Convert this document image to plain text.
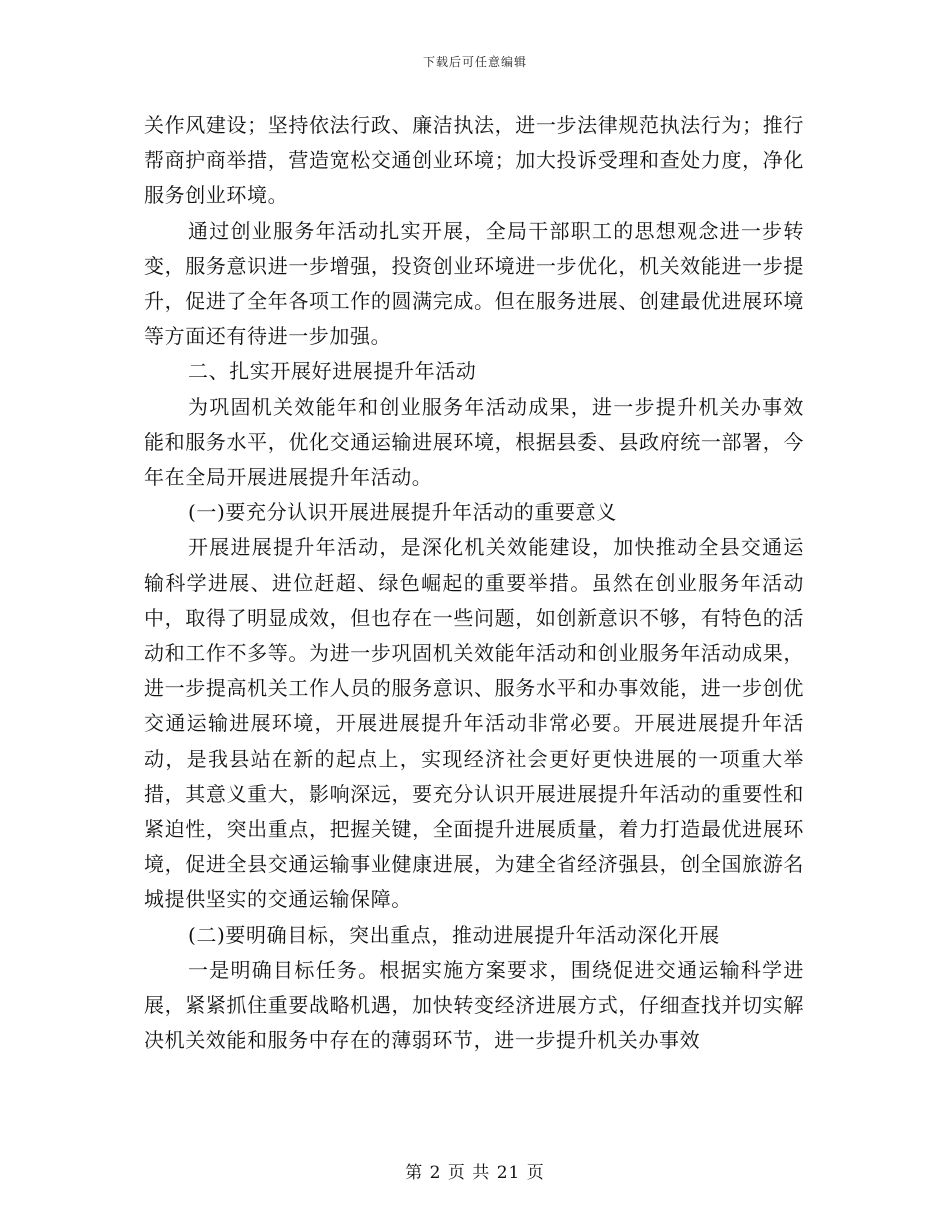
下载后可任意编辑

关作风建设；坚持依法行政、廉洁执法，进一步法律规范执法行为；推行帮商护商举措，营造宽松交通创业环境；加大投诉受理和查处力度，净化服务创业环境。

通过创业服务年活动扎实开展，全局干部职工的思想观念进一步转变，服务意识进一步增强，投资创业环境进一步优化，机关效能进一步提升，促进了全年各项工作的圆满完成。但在服务进展、创建最优进展环境等方面还有待进一步加强。

二、扎实开展好进展提升年活动

为巩固机关效能年和创业服务年活动成果，进一步提升机关办事效能和服务水平，优化交通运输进展环境，根据县委、县政府统一部署，今年在全局开展进展提升年活动。

(一)要充分认识开展进展提升年活动的重要意义

开展进展提升年活动，是深化机关效能建设，加快推动全县交通运输科学进展、进位赶超、绿色崛起的重要举措。虽然在创业服务年活动中，取得了明显成效，但也存在一些问题，如创新意识不够，有特色的活动和工作不多等。为进一步巩固机关效能年活动和创业服务年活动成果，进一步提高机关工作人员的服务意识、服务水平和办事效能，进一步创优交通运输进展环境，开展进展提升年活动非常必要。开展进展提升年活动，是我县站在新的起点上，实现经济社会更好更快进展的一项重大举措，其意义重大，影响深远，要充分认识开展进展提升年活动的重要性和紧迫性，突出重点，把握关键，全面提升进展质量，着力打造最优进展环境，促进全县交通运输事业健康进展，为建全省经济强县，创全国旅游名城提供坚实的交通运输保障。

(二)要明确目标，突出重点，推动进展提升年活动深化开展

一是明确目标任务。根据实施方案要求，围绕促进交通运输科学进展，紧紧抓住重要战略机遇，加快转变经济进展方式，仔细查找并切实解决机关效能和服务中存在的薄弱环节，进一步提升机关办事效

第 2 页 共 21 页
